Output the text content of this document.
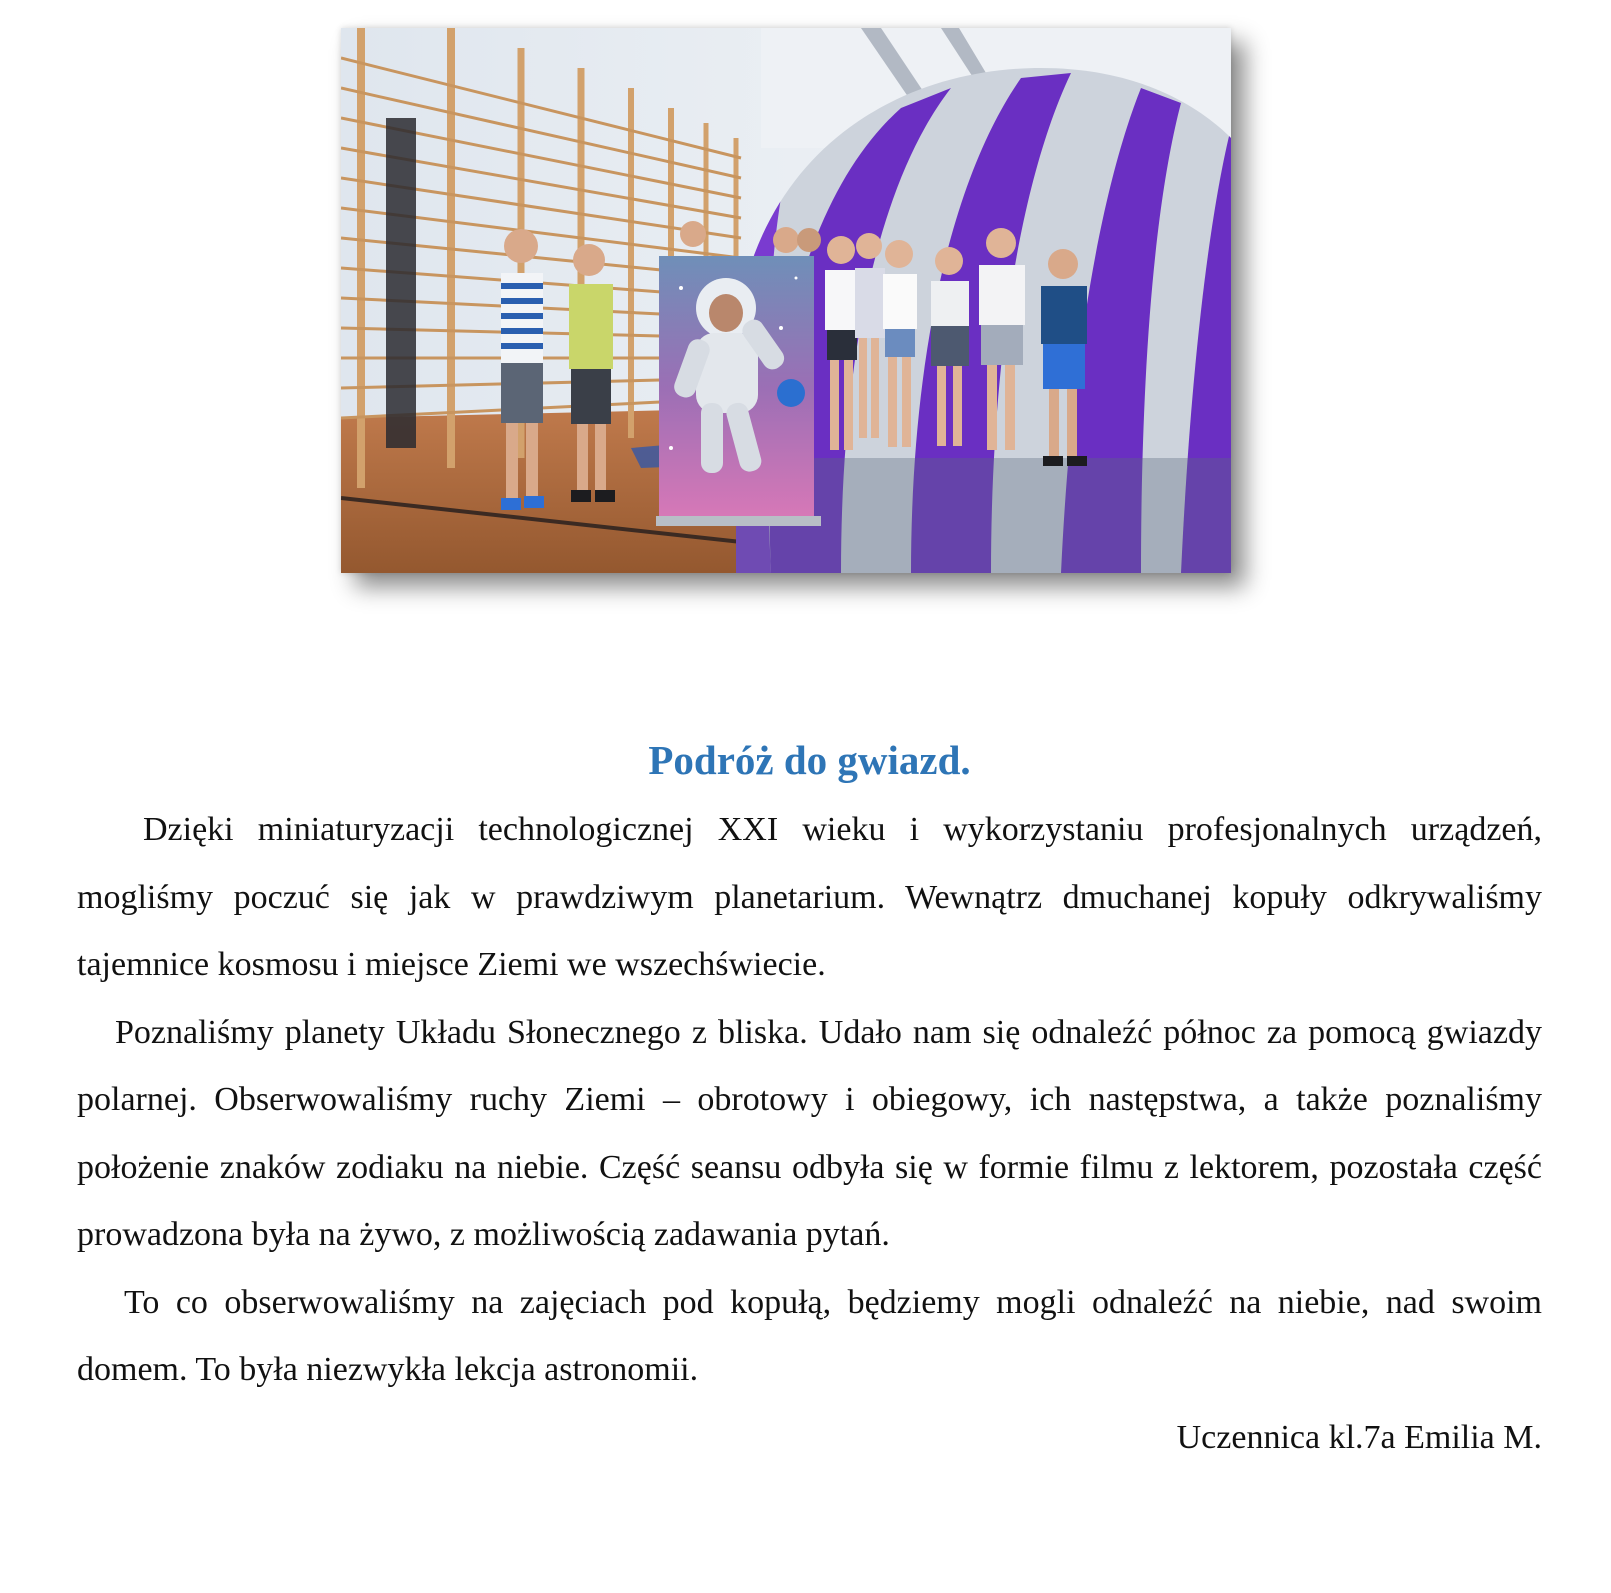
Podróż do gwiazd.

Dzięki miniaturyzacji technologicznej XXI wieku i wykorzystaniu profesjonalnych urządzeń, mogliśmy poczuć się jak w prawdziwym planetarium. Wewnątrz dmuchanej kopuły odkrywaliśmy tajemnice kosmosu i miejsce Ziemi we wszechświecie.

Poznaliśmy planety Układu Słonecznego z bliska. Udało nam się odnaleźć północ za pomocą gwiazdy polarnej. Obserwowaliśmy ruchy Ziemi – obrotowy i obiegowy, ich następstwa, a także poznaliśmy położenie znaków zodiaku na niebie. Część seansu odbyła się w formie filmu z lektorem, pozostała część prowadzona była na żywo, z możliwością zadawania pytań.

To co obserwowaliśmy na zajęciach pod kopułą, będziemy mogli odnaleźć na niebie, nad swoim domem. To była niezwykła lekcja astronomii.

Uczennica kl.7a Emilia M.
